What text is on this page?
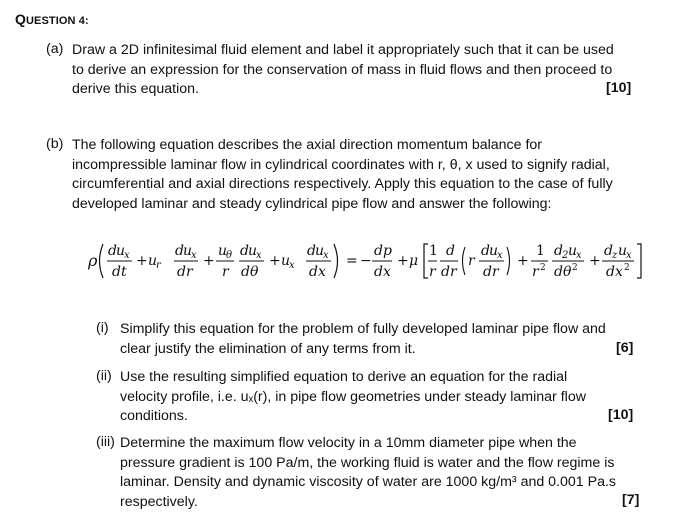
QUESTION 4:
(a) Draw a 2D infinitesimal fluid element and label it appropriately such that it can be used
to derive an expression for the conservation of mass in fluid flows and then proceed to
derive this equation.	[10]
(b) The following equation describes the axial direction momentum balance for
incompressible laminar flow in cylindrical coordinates with r, θ, x used to signify radial,
circumferential and axial directions respectively. Apply this equation to the case of fully
developed laminar and steady cylindrical pipe flow and answer the following:
ρ d u
x
dt
+ u
r
d u
x
dr
+
u
θ
r
d u
x
dθ
+ u
x
d u
x
dx
= −
dp
dx
+ μ
1
r
d
dr
r
d u
x
dr
+
1
r 2
d 2 u
x
dθ 2 +
d z u
x
dx 2
(i) Simplify this equation for the problem of fully developed laminar pipe flow and
clear justify the elimination of any terms from it.	[6]
(ii) Use the resulting simplified equation to derive an equation for the radial
velocity profile, i.e. uₓ(r), in pipe flow geometries under steady laminar flow
conditions.	[10]
(iii) Determine the maximum flow velocity in a 10mm diameter pipe when the
pressure gradient is 100 Pa/m, the working fluid is water and the flow regime is
laminar. Density and dynamic viscosity of water are 1000 kg/m³ and 0.001 Pa.s
respectively.	[7]
